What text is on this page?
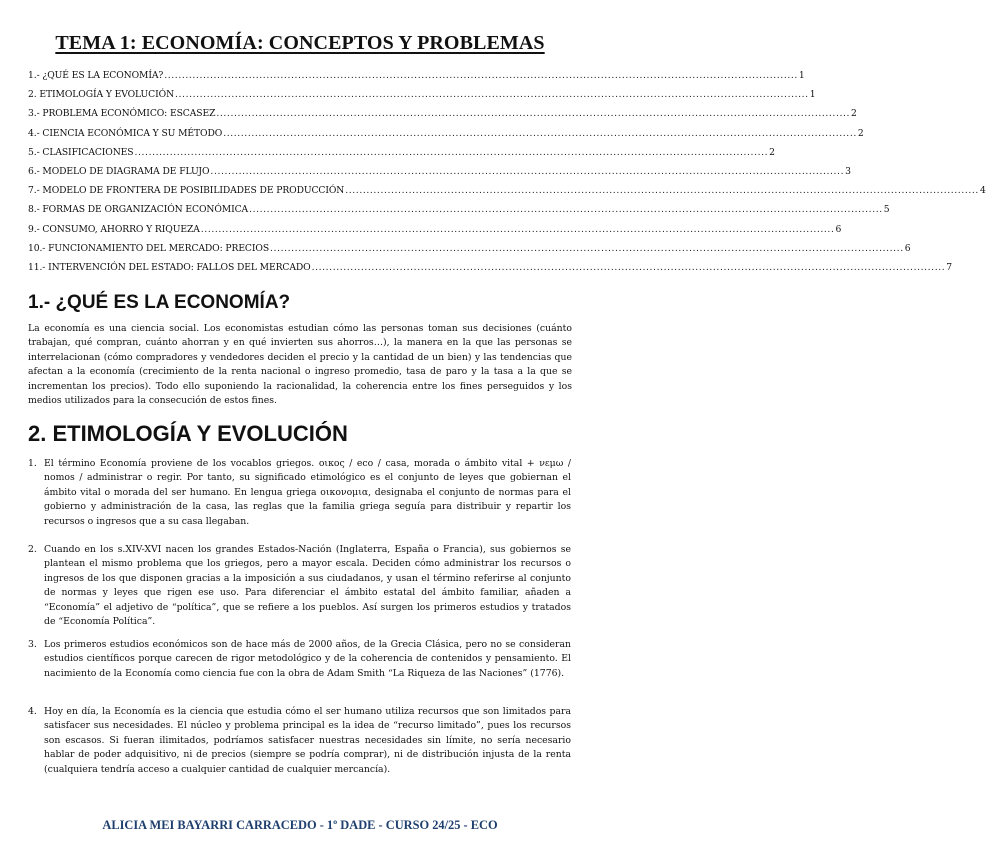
TEMA 1: ECONOMÍA: CONCEPTOS Y PROBLEMAS
1.- ¿QUÉ ES LA ECONOMÍA? .................................................................................................................................................................................... 1
2. ETIMOLOGÍA Y EVOLUCIÓN .................................................................................................................................................................................... 1
3.- PROBLEMA ECONÓMICO: ESCASEZ .................................................................................................................................................................................... 2
4.- CIENCIA ECONÓMICA Y SU MÉTODO .................................................................................................................................................................................... 2
5.- CLASIFICACIONES .................................................................................................................................................................................... 2
6.- MODELO DE DIAGRAMA DE FLUJO .................................................................................................................................................................................... 3
7.- MODELO DE FRONTERA DE POSIBILIDADES DE PRODUCCIÓN .................................................................................................................................................................................... 4
8.- FORMAS DE ORGANIZACIÓN ECONÓMICA .................................................................................................................................................................................... 5
9.- CONSUMO, AHORRO Y RIQUEZA .................................................................................................................................................................................... 6
10.- FUNCIONAMIENTO DEL MERCADO: PRECIOS .................................................................................................................................................................................... 6
11.- INTERVENCIÓN DEL ESTADO: FALLOS DEL MERCADO .................................................................................................................................................................................... 7
1.- ¿QUÉ ES LA ECONOMÍA?

La economía es una ciencia social. Los economistas estudian cómo las personas toman sus decisiones (cuánto trabajan, qué compran, cuánto ahorran y en qué invierten sus ahorros…), la manera en la que las personas se interrelacionan (cómo compradores y vendedores deciden el precio y la cantidad de un bien) y las tendencias que afectan a la economía (crecimiento de la renta nacional o ingreso promedio, tasa de paro y la tasa a la que se incrementan los precios). Todo ello suponiendo la racionalidad, la coherencia entre los fines perseguidos y los medios utilizados para la consecución de estos fines.

2. ETIMOLOGÍA Y EVOLUCIÓN
1. El término Economía proviene de los vocablos griegos. οικος / eco / casa, morada o ámbito vital + νεμω / nomos / administrar o regir. Por tanto, su significado etimológico es el conjunto de leyes que gobiernan el ámbito vital o morada del ser humano. En lengua griega οικονομια, designaba el conjunto de normas para el gobierno y administración de la casa, las reglas que la familia griega seguía para distribuir y repartir los recursos o ingresos que a su casa llegaban.

2. Cuando en los s.XIV-XVI nacen los grandes Estados-Nación (Inglaterra, España o Francia), sus gobiernos se plantean el mismo problema que los griegos, pero a mayor escala. Deciden cómo administrar los recursos o ingresos de los que disponen gracias a la imposición a sus ciudadanos, y usan el término referirse al conjunto de normas y leyes que rigen ese uso. Para diferenciar el ámbito estatal del ámbito familiar, añaden a “Economía” el adjetivo de “política”, que se refiere a los pueblos. Así surgen los primeros estudios y tratados de “Economía Política”.

3. Los primeros estudios económicos son de hace más de 2000 años, de la Grecia Clásica, pero no se consideran estudios científicos porque carecen de rigor metodológico y de la coherencia de contenidos y pensamiento. El nacimiento de la Economía como ciencia fue con la obra de Adam Smith “La Riqueza de las Naciones” (1776).

4. Hoy en día, la Economía es la ciencia que estudia cómo el ser humano utiliza recursos que son limitados para satisfacer sus necesidades. El núcleo y problema principal es la idea de “recurso limitado”, pues los recursos son escasos. Si fueran ilimitados, podríamos satisfacer nuestras necesidades sin límite, no sería necesario hablar de poder adquisitivo, ni de precios (siempre se podría comprar), ni de distribución injusta de la renta (cualquiera tendría acceso a cualquier cantidad de cualquier mercancía).

ALICIA MEI BAYARRI CARRACEDO - 1º DADE - CURSO 24/25 - ECO
